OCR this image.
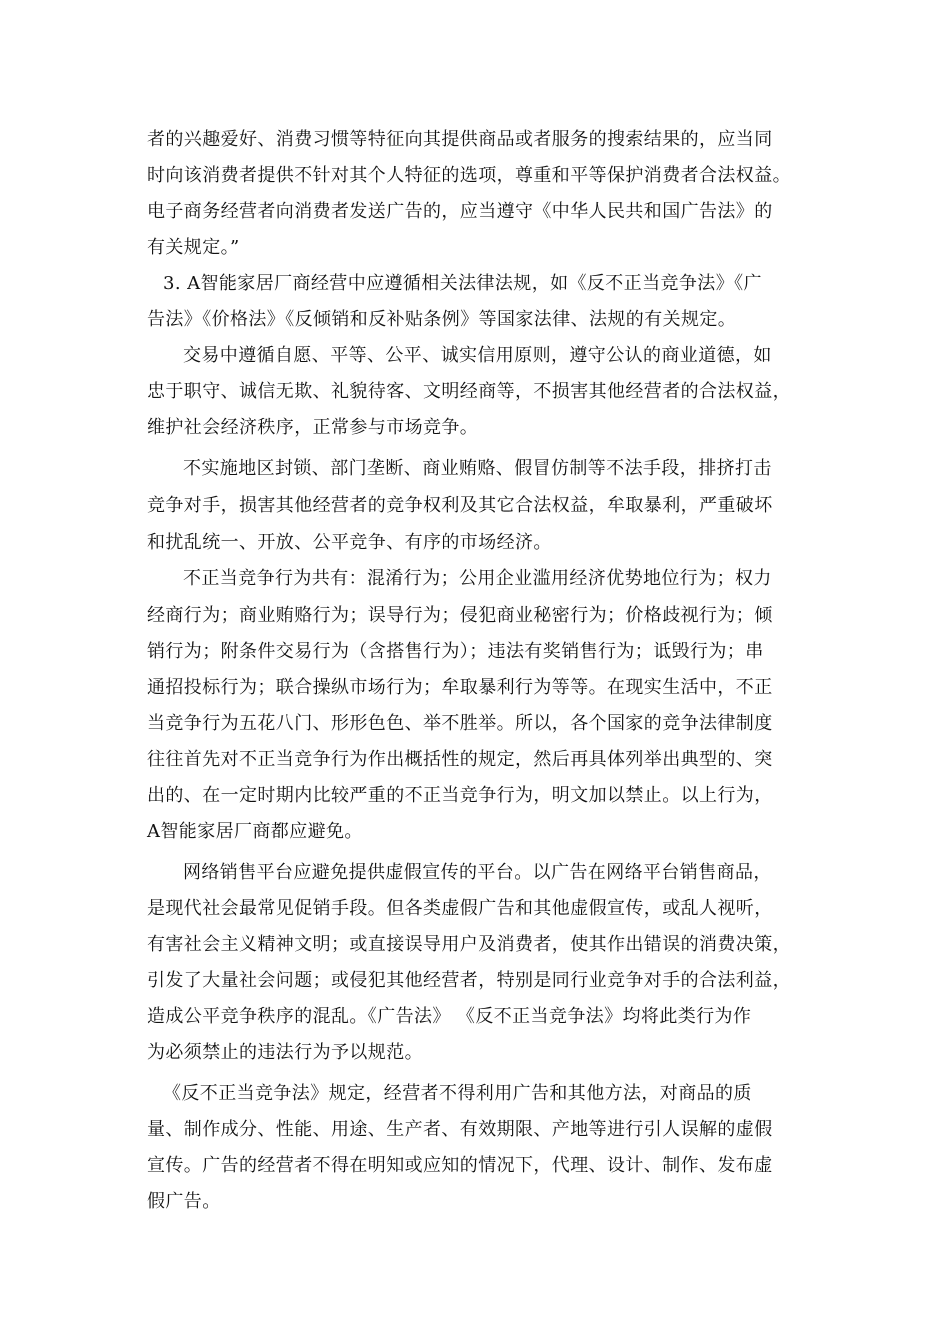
者的兴趣爱好、消费习惯等特征向其提供商品或者服务的搜索结果的，应当同
时向该消费者提供不针对其个人特征的选项，尊重和平等保护消费者合法权益。
电子商务经营者向消费者发送广告的，应当遵守《中华人民共和国广告法》的
有关规定。”
3. A智能家居厂商经营中应遵循相关法律法规，如《反不正当竞争法》《广
告法》《价格法》《反倾销和反补贴条例》等国家法律、法规的有关规定。
交易中遵循自愿、平等、公平、诚实信用原则，遵守公认的商业道德，如
忠于职守、诚信无欺、礼貌待客、文明经商等，不损害其他经营者的合法权益，
维护社会经济秩序，正常参与市场竞争。
不实施地区封锁、部门垄断、商业贿赂、假冒仿制等不法手段，排挤打击
竞争对手，损害其他经营者的竞争权利及其它合法权益，牟取暴利，严重破坏
和扰乱统一、开放、公平竞争、有序的市场经济。
不正当竞争行为共有：混淆行为；公用企业滥用经济优势地位行为；权力
经商行为；商业贿赂行为；误导行为；侵犯商业秘密行为；价格歧视行为；倾
销行为；附条件交易行为（含搭售行为）；违法有奖销售行为；诋毁行为；串
通招投标行为；联合操纵市场行为；牟取暴利行为等等。在现实生活中，不正
当竞争行为五花八门、形形色色、举不胜举。所以，各个国家的竞争法律制度
往往首先对不正当竞争行为作出概括性的规定，然后再具体列举出典型的、突
出的、在一定时期内比较严重的不正当竞争行为，明文加以禁止。以上行为，
A智能家居厂商都应避免。
网络销售平台应避免提供虚假宣传的平台。以广告在网络平台销售商品，
是现代社会最常见促销手段。但各类虚假广告和其他虚假宣传，或乱人视听，
有害社会主义精神文明；或直接误导用户及消费者，使其作出错误的消费决策，
引发了大量社会问题；或侵犯其他经营者，特别是同行业竞争对手的合法利益，
造成公平竞争秩序的混乱。《广告法》 《反不正当竞争法》均将此类行为作
为必须禁止的违法行为予以规范。
《反不正当竞争法》规定，经营者不得利用广告和其他方法，对商品的质
量、制作成分、性能、用途、生产者、有效期限、产地等进行引人误解的虚假
宣传。广告的经营者不得在明知或应知的情况下，代理、设计、制作、发布虚
假广告。
